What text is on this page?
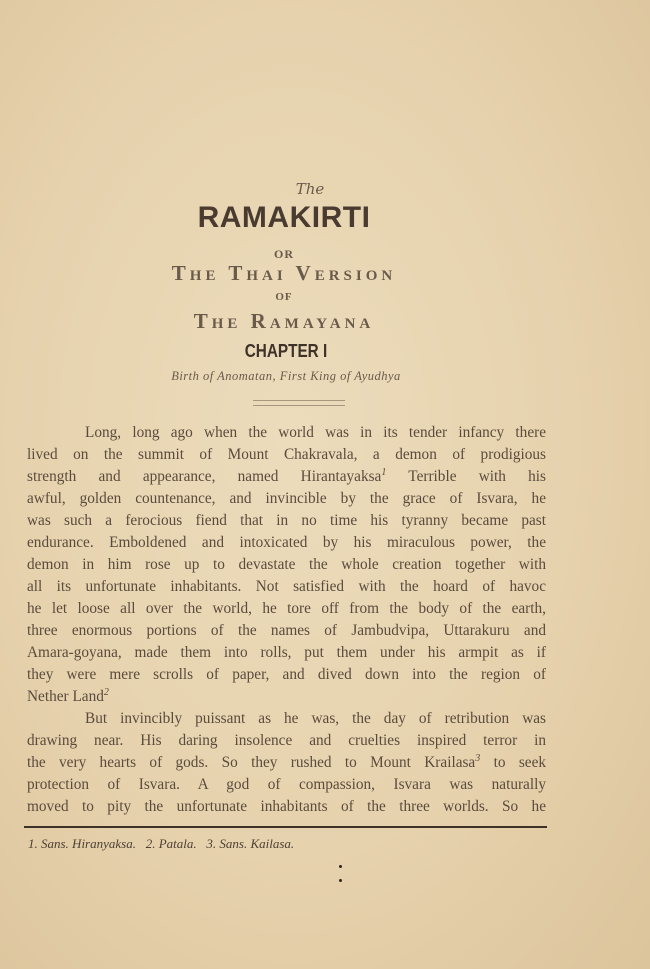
The
RAMAKIRTI
OR
The Thai Version
OF
The Ramayana
CHAPTER I
Birth of Anomatan, First King of Ayudhya
Long, long ago when the world was in its tender infancy there
lived on the summit of Mount Chakravala, a demon of prodigious
strength and appearance, named Hirantayaksa$^1$ Terrible with his
awful, golden countenance, and invincible by the grace of Isvara, he
was such a ferocious fiend that in no time his tyranny became past
endurance. Emboldened and intoxicated by his miraculous power, the
demon in him rose up to devastate the whole creation together with
all its unfortunate inhabitants. Not satisfied with the hoard of havoc
he let loose all over the world, he tore off from the body of the earth,
three enormous portions of the names of Jambudvipa, Uttarakuru and
Amara-goyana, made them into rolls, put them under his armpit as if
they were mere scrolls of paper, and dived down into the region of
Nether Land$^2$
But invincibly puissant as he was, the day of retribution was
drawing near. His daring insolence and cruelties inspired terror in
the very hearts of gods. So they rushed to Mount Krailasa$^3$ to seek
protection of Isvara. A god of compassion, Isvara was naturally
moved to pity the unfortunate inhabitants of the three worlds. So he
1. Sans. Hiranyaksa.   2. Patala.   3. Sans. Kailasa.
